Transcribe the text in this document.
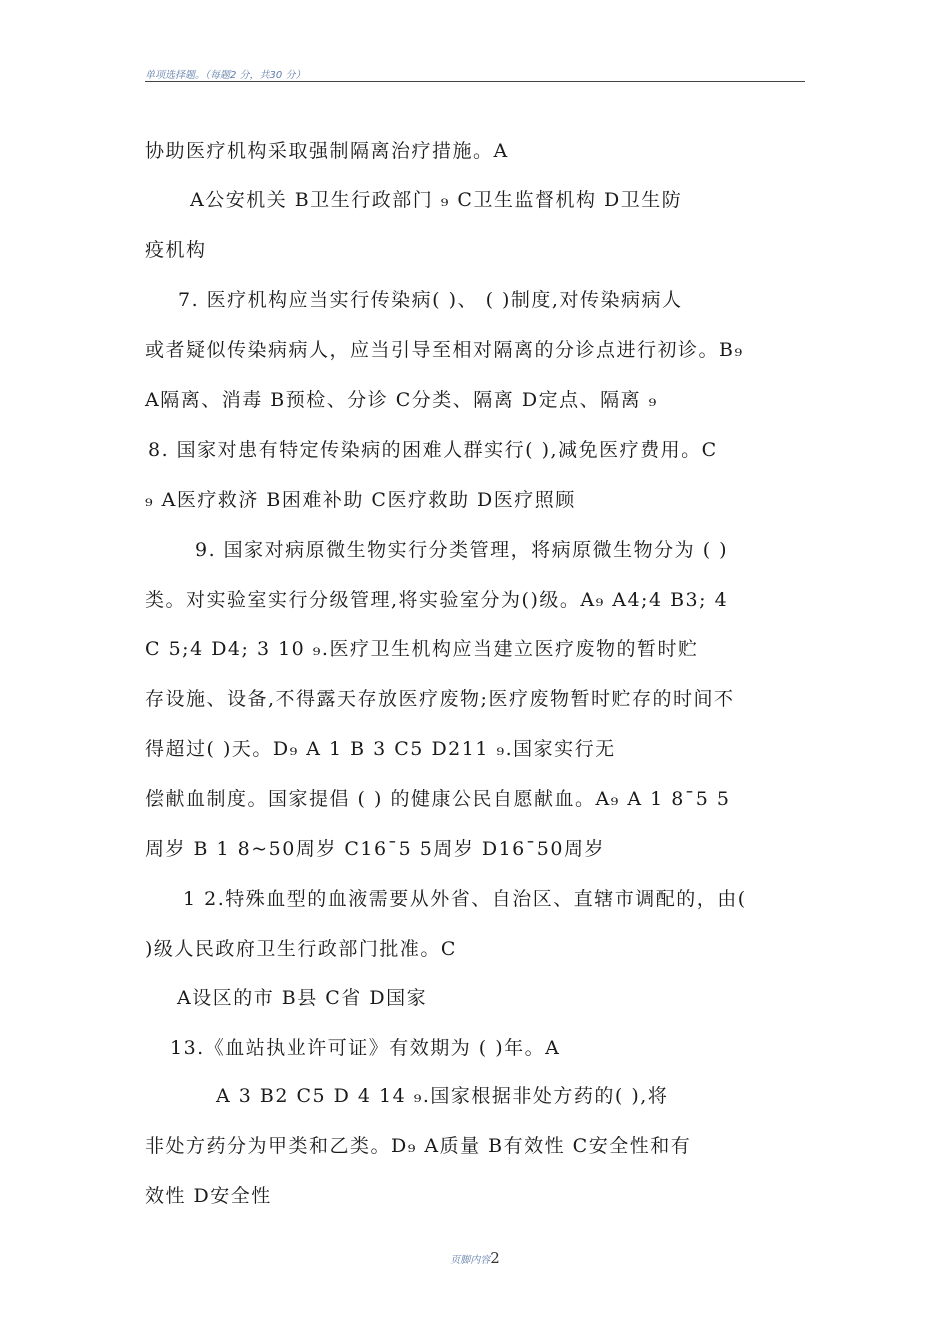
单项选择题。（每题2 分，共30 分）
协助医疗机构采取强制隔离治疗措施。A
A公安机关 B卫生行政部门 ₉ C卫生监督机构 D卫生防
疫机构
7. 医疗机构应当实行传染病( )、 ( )制度,对传染病病人
或者疑似传染病病人，应当引导至相对隔离的分诊点进行初诊。B₉
A隔离、消毒 B预检、分诊 C分类、隔离 D定点、隔离 ₉
8. 国家对患有特定传染病的困难人群实行( ),减免医疗费用。C
₉ A医疗救济 B困难补助 C医疗救助 D医疗照顾
9. 国家对病原微生物实行分类管理，将病原微生物分为 ( )
类。对实验室实行分级管理,将实验室分为()级。A₉ A4;4 B3; 4
C 5;4 D4; 3 10 ₉.医疗卫生机构应当建立医疗废物的暂时贮
存设施、设备,不得露天存放医疗废物;医疗废物暂时贮存的时间不
得超过( )天。D₉ A 1 B 3 C5 D211 ₉.国家实行无
偿献血制度。国家提倡 ( ) 的健康公民自愿献血。A₉ A 1 8¯5 5
周岁 B 1 8~50周岁 C16¯5 5周岁 D16¯50周岁
1 2.特殊血型的血液需要从外省、自治区、直辖市调配的，由(
)级人民政府卫生行政部门批准。C
A设区的市 B县 C省 D国家
13.《血站执业许可证》有效期为 ( )年。A
A 3 B2 C5 D 4 14 ₉.国家根据非处方药的( ),将
非处方药分为甲类和乙类。D₉ A质量 B有效性 C安全性和有
效性 D安全性
页脚内容2
